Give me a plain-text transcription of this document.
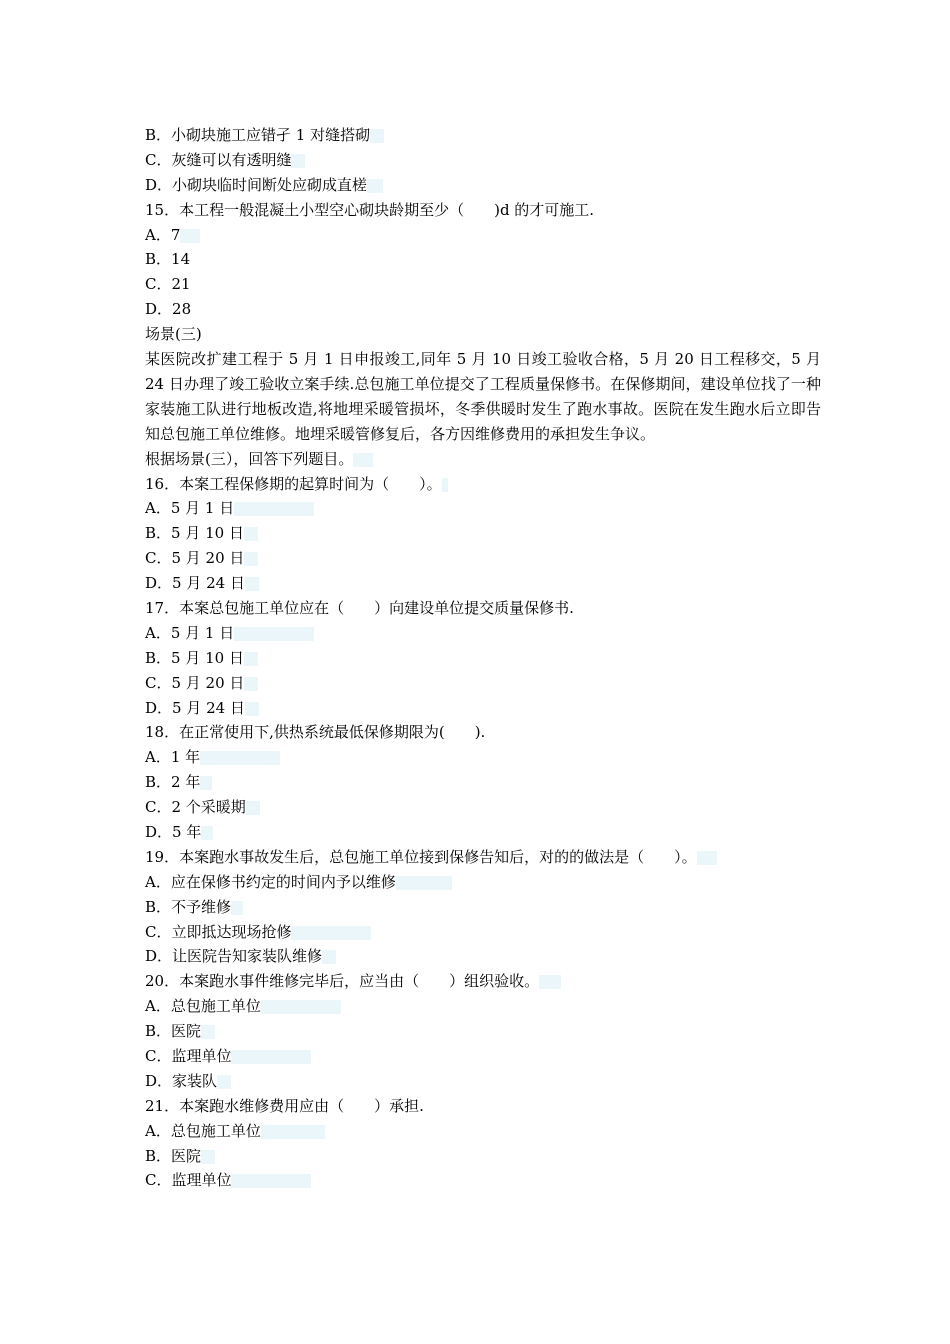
B．小砌块施工应错孑 1 对缝搭砌
C．灰缝可以有透明缝
D．小砌块临时间断处应砌成直槎
15．本工程一般混凝土小型空心砌块龄期至少（　　)d 的才可施工.
A．7
B．14
C．21
D．28
场景(三)
某医院改扩建工程于 5 月 1 日申报竣工,同年 5 月 10 日竣工验收合格，5 月 20 日工程移交，5 月 24 日办理了竣工验收立案手续.总包施工单位提交了工程质量保修书。在保修期间，建设单位找了一种家装施工队进行地板改造,将地埋采暖管损坏，冬季供暖时发生了跑水事故。医院在发生跑水后立即告知总包施工单位维修。地埋采暖管修复后，各方因维修费用的承担发生争议。
根据场景(三），回答下列题目。
16．本案工程保修期的起算时间为（　　）。
A．5 月 1 日
B．5 月 10 日
C．5 月 20 日
D．5 月 24 日
17．本案总包施工单位应在（　　）向建设单位提交质量保修书.
A．5 月 1 日
B．5 月 10 日
C．5 月 20 日
D．5 月 24 日
18．在正常使用下,供热系统最低保修期限为(　　).
A．1 年
B．2 年
C．2 个采暖期
D．5 年
19．本案跑水事故发生后，总包施工单位接到保修告知后，对的的做法是（　　）。
A．应在保修书约定的时间内予以维修
B．不予维修
C．立即抵达现场抢修
D．让医院告知家装队维修
20．本案跑水事件维修完毕后，应当由（　　）组织验收。
A．总包施工单位
B．医院
C．监理单位
D．家装队
21．本案跑水维修费用应由（　　）承担.
A．总包施工单位
B．医院
C．监理单位
